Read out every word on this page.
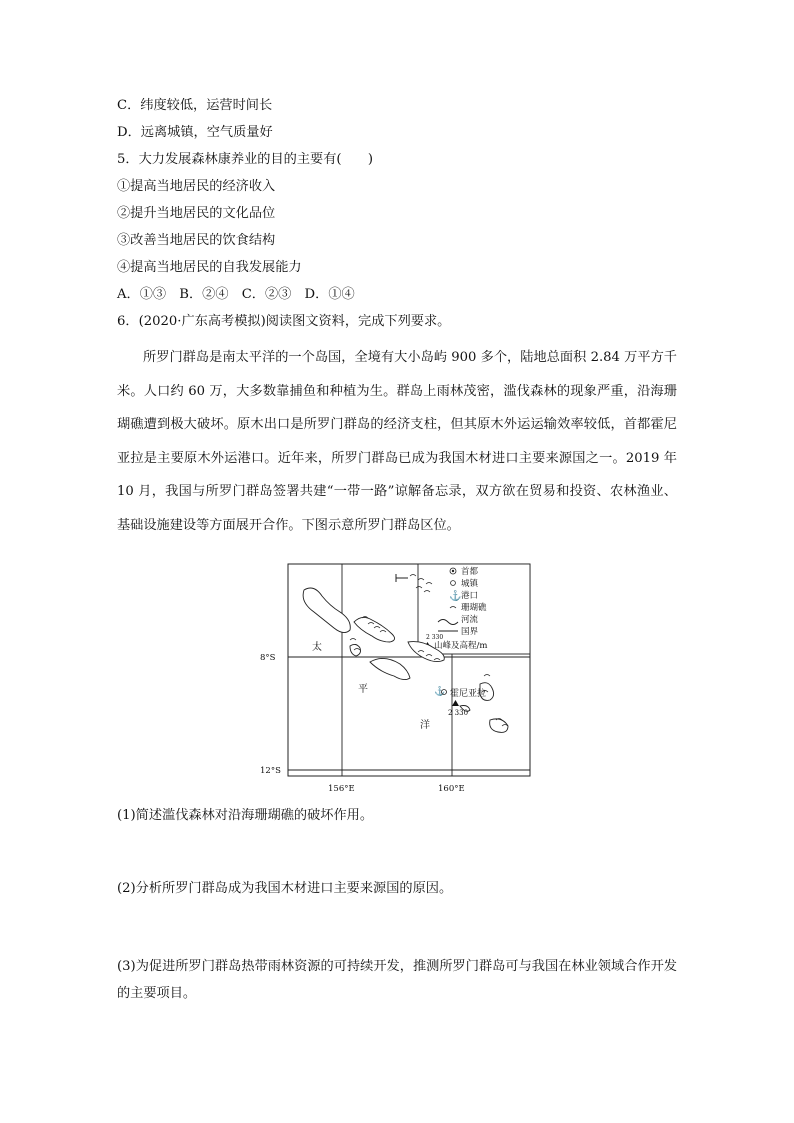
C．纬度较低，运营时间长
D．远离城镇，空气质量好
5．大力发展森林康养业的目的主要有(　　)
①提高当地居民的经济收入
②提升当地居民的文化品位
③改善当地居民的饮食结构
④提高当地居民的自我发展能力
A．①③　B．②④　C．②③　D．①④
6．(2020·广东高考模拟)阅读图文资料，完成下列要求。
所罗门群岛是南太平洋的一个岛国，全境有大小岛屿 900 多个，陆地总面积 2.84 万平方千米。人口约 60 万，大多数靠捕鱼和种植为生。群岛上雨林茂密，滥伐森林的现象严重，沿海珊瑚礁遭到极大破坏。原木出口是所罗门群岛的经济支柱，但其原木外运运输效率较低，首都霍尼亚拉是主要原木外运港口。近年来，所罗门群岛已成为我国木材进口主要来源国之一。2019 年 10 月，我国与所罗门群岛签署共建“一带一路”谅解备忘录，双方欲在贸易和投资、农林渔业、基础设施建设等方面展开合作。下图示意所罗门群岛区位。
首都
城镇
⚓ 港口
珊瑚礁
河流
国界
2 330
山峰及高程/m
⚓ 霍尼亚拉
2 330
太
平
洋
8°S
12°S
156°E	160°E
(1)简述滥伐森林对沿海珊瑚礁的破坏作用。
(2)分析所罗门群岛成为我国木材进口主要来源国的原因。
(3)为促进所罗门群岛热带雨林资源的可持续开发，推测所罗门群岛可与我国在林业领域合作开发的主要项目。
